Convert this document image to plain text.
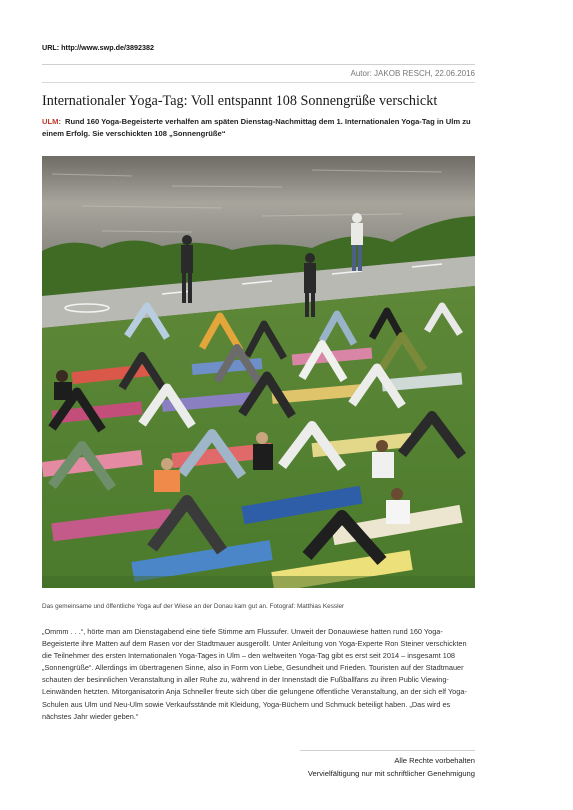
URL: http://www.swp.de/3892382
Autor: JAKOB RESCH, 22.06.2016
Internationaler Yoga-Tag: Voll entspannt 108 Sonnengrüße verschickt
ULM: Rund 160 Yoga-Begeisterte verhalfen am späten Dienstag-Nachmittag dem 1. Internationalen Yoga-Tag in Ulm zu einem Erfolg. Sie verschickten 108 „Sonnengrüße“
Das gemeinsame und öffentliche Yoga auf der Wiese an der Donau kam gut an. Fotograf: Matthias Kessler
„Ommm . . .“, hörte man am Dienstagabend eine tiefe Stimme am Flussufer. Unweit der Donauwiese hatten rund 160 Yoga-Begeisterte ihre Matten auf dem Rasen vor der Stadtmauer ausgerollt. Unter Anleitung von Yoga-Experte Ron Steiner verschickten die Teilnehmer des ersten Internationalen Yoga-Tages in Ulm – den weltweiten Yoga-Tag gibt es erst seit 2014 – insgesamt 108 „Sonnengrüße“. Allerdings im übertragenen Sinne, also in Form von Liebe, Gesundheit und Frieden. Touristen auf der Stadtmauer schauten der besinnlichen Veranstaltung in aller Ruhe zu, während in der Innenstadt die Fußballfans zu ihren Public Viewing-Leinwänden hetzten. Mitorganisatorin Anja Schneller freute sich über die gelungene öffentliche Veranstaltung, an der sich elf Yoga-Schulen aus Ulm und Neu-Ulm sowie Verkaufsstände mit Kleidung, Yoga-Büchern und Schmuck beteiligt haben. „Das wird es nächstes Jahr wieder geben.“
Alle Rechte vorbehalten
Vervielfältigung nur mit schriftlicher Genehmigung
